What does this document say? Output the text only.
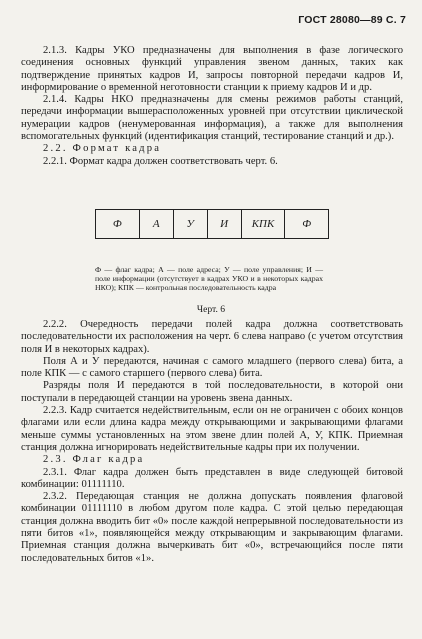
ГОСТ 28080—89 С. 7

2.1.3. Кадры УКО предназначены для выполнения в фазе логического соединения основных функций управления звеном данных, таких как подтверждение принятых кадров И, запросы повторной передачи кадров И, информирование о временной неготовности станции к приему кадров И и др.

2.1.4. Кадры НКО предназначены для смены режимов работы станций, передачи информации вышерасположенных уровней при отсутствии циклической нумерации кадров (ненумерованная информация), а также для выполнения вспомогательных функций (идентификация станций, тестирование станций и др.).

2.2. Формат кадра

2.2.1. Формат кадра должен соответствовать черт. 6.

Ф	А	У	И	КПК	Ф
Ф — флаг кадра; А — поле адреса; У — поле управления; И — поле информации (отсутствует в кадрах УКО и в некоторых кадрах НКО); КПК — контрольная последовательность кадра
Черт. 6

2.2.2. Очередность передачи полей кадра должна соответствовать последовательности их расположения на черт. 6 слева направо (с учетом отсутствия поля И в некоторых кадрах).

Поля А и У передаются, начиная с самого младшего (первого слева) бита, а поле КПК — с самого старшего (первого слева) бита.

Разряды поля И передаются в той последовательности, в которой они поступали в передающей станции на уровень звена данных.

2.2.3. Кадр считается недействительным, если он не ограничен с обоих концов флагами или если длина кадра между открывающими и закрывающими флагами меньше суммы установленных на этом звене длин полей А, У, КПК. Приемная станция должна игнорировать недействительные кадры при их получении.

2.3. Флаг кадра

2.3.1. Флаг кадра должен быть представлен в виде следующей битовой комбинации: 01111110.

2.3.2. Передающая станция не должна допускать появления флаговой комбинации 01111110 в любом другом поле кадра. С этой целью передающая станция должна вводить бит «0» после каждой непрерывной последовательности из пяти битов «1», появляющейся между открывающим и закрывающим флагами. Приемная станция должна вычеркивать бит «0», встречающийся после пяти последовательных битов «1».
